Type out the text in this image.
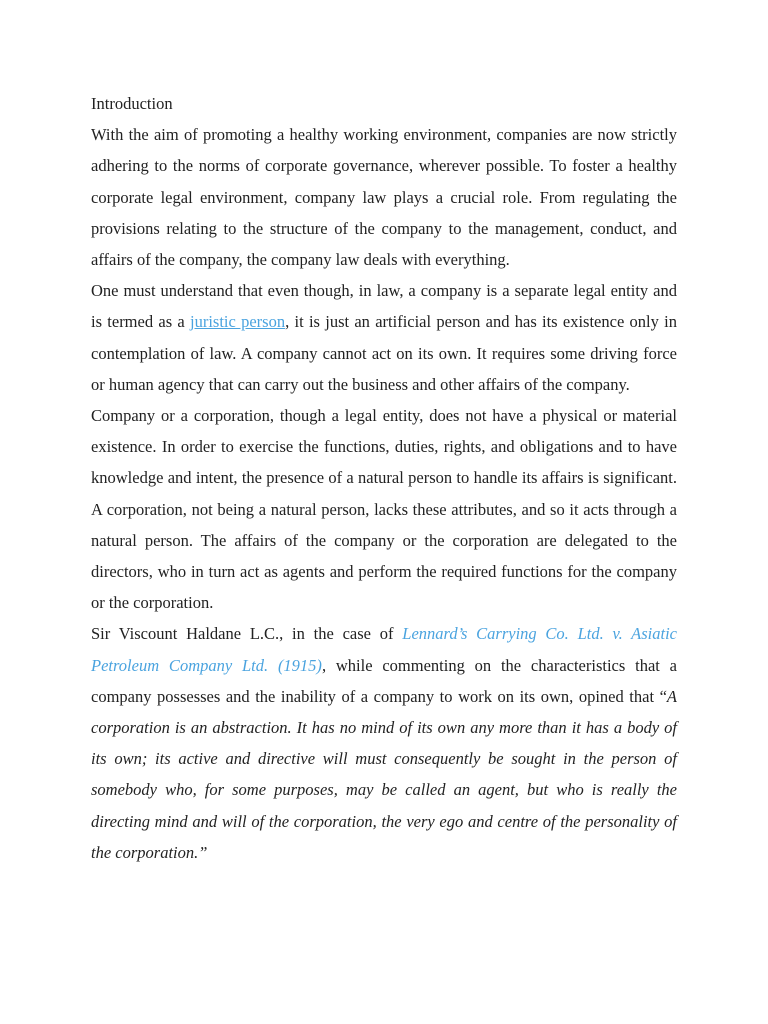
Introduction

With the aim of promoting a healthy working environment, companies are now strictly adhering to the norms of corporate governance, wherever possible. To foster a healthy corporate legal environment, company law plays a crucial role. From regulating the provisions relating to the structure of the company to the management, conduct, and affairs of the company, the company law deals with everything.

One must understand that even though, in law, a company is a separate legal entity and is termed as a juristic person, it is just an artificial person and has its existence only in contemplation of law. A company cannot act on its own. It requires some driving force or human agency that can carry out the business and other affairs of the company.

Company or a corporation, though a legal entity, does not have a physical or material existence. In order to exercise the functions, duties, rights, and obligations and to have knowledge and intent, the presence of a natural person to handle its affairs is significant. A corporation, not being a natural person, lacks these attributes, and so it acts through a natural person. The affairs of the company or the corporation are delegated to the directors, who in turn act as agents and perform the required functions for the company or the corporation.

Sir Viscount Haldane L.C., in the case of Lennard’s Carrying Co. Ltd. v. Asiatic Petroleum Company Ltd. (1915), while commenting on the characteristics that a company possesses and the inability of a company to work on its own, opined that “A corporation is an abstraction. It has no mind of its own any more than it has a body of its own; its active and directive will must consequently be sought in the person of somebody who, for some purposes, may be called an agent, but who is really the directing mind and will of the corporation, the very ego and centre of the personality of the corporation.”
